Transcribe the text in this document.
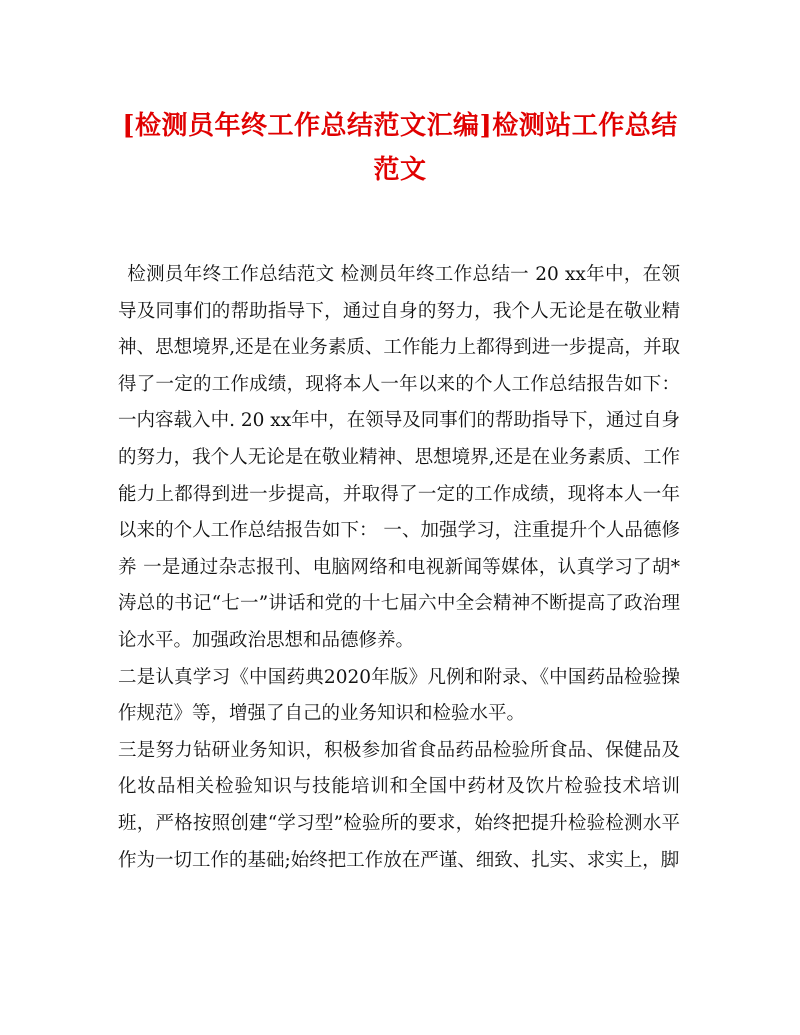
[检测员年终工作总结范文汇编]检测站工作总结范文

检测员年终工作总结范文 检测员年终工作总结一 20 xx年中，在领导及同事们的帮助指导下，通过自身的努力，我个人无论是在敬业精神、思想境界,还是在业务素质、工作能力上都得到进一步提高，并取得了一定的工作成绩，现将本人一年以来的个人工作总结报告如下：一内容载入中. 20 xx年中，在领导及同事们的帮助指导下，通过自身的努力，我个人无论是在敬业精神、思想境界,还是在业务素质、工作能力上都得到进一步提高，并取得了一定的工作成绩，现将本人一年以来的个人工作总结报告如下： 一、加强学习，注重提升个人品德修养 一是通过杂志报刊、电脑网络和电视新闻等媒体，认真学习了胡*涛总的书记“七一”讲话和党的十七届六中全会精神不断提高了政治理论水平。加强政治思想和品德修养。

二是认真学习《中国药典2020年版》凡例和附录、《中国药品检验操作规范》等，增强了自己的业务知识和检验水平。

三是努力钻研业务知识，积极参加省食品药品检验所食品、保健品及化妆品相关检验知识与技能培训和全国中药材及饮片检验技术培训班，严格按照创建“学习型”检验所的要求，始终把提升检验检测水平作为一切工作的基础;始终把工作放在严谨、细致、扎实、求实上，脚
